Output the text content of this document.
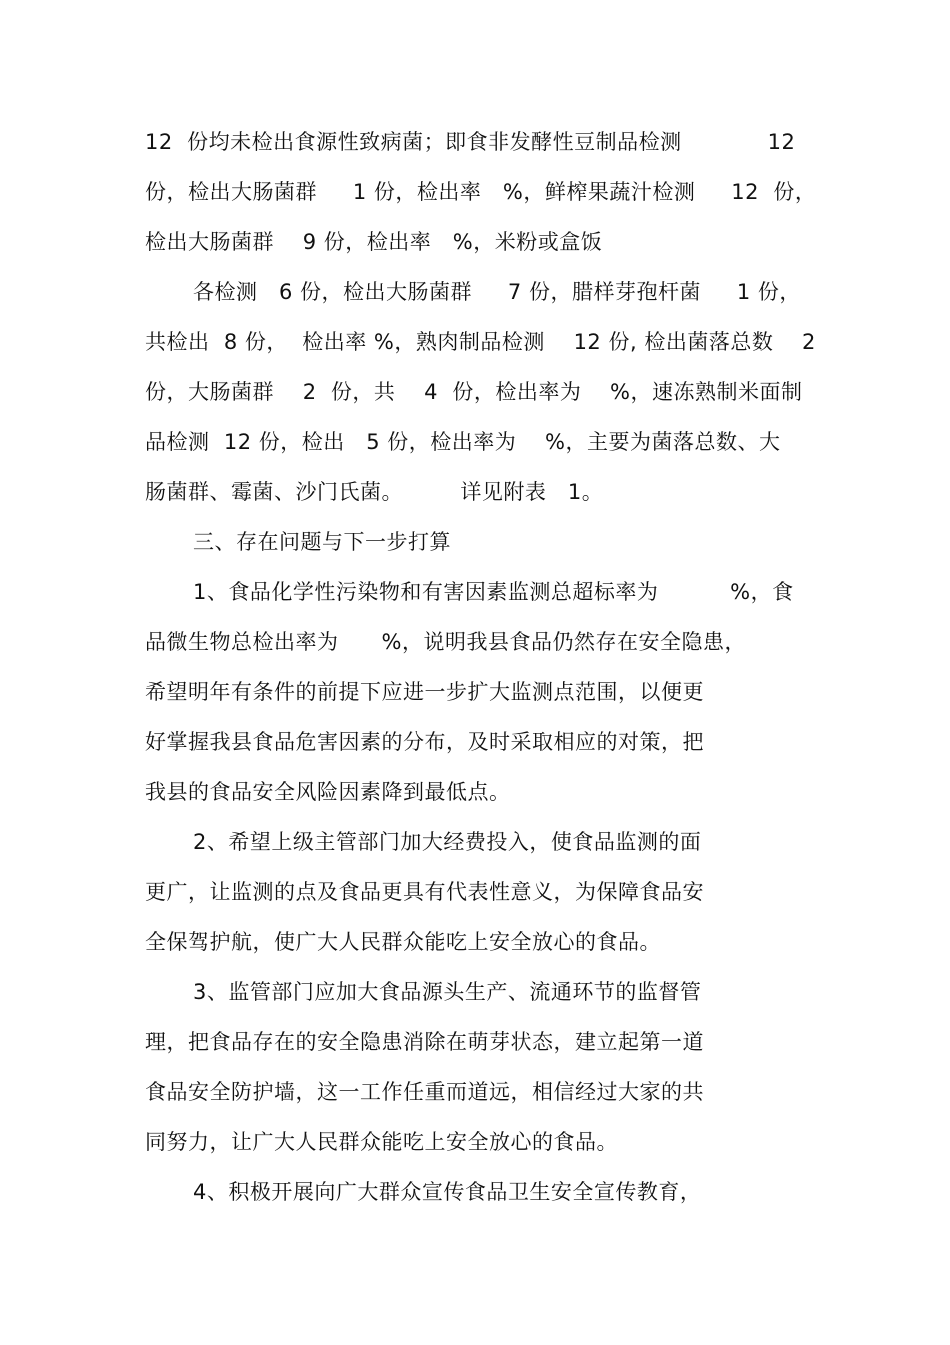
12  份均未检出食源性致病菌；即食非发酵性豆制品检测            12
份，检出大肠菌群     1 份，检出率   %，鲜榨果蔬汁检测     12  份，
检出大肠菌群    9 份，检出率   %，米粉或盒饭
各检测   6 份，检出大肠菌群     7 份，腊样芽孢杆菌     1 份，
共检出  8 份，  检出率 %，熟肉制品检测    12 份, 检出菌落总数    2
份，大肠菌群    2  份，共    4  份，检出率为    %，速冻熟制米面制
品检测  12 份，检出   5 份，检出率为    %，主要为菌落总数、大
肠菌群、霉菌、沙门氏菌。        详见附表   1。
三、存在问题与下一步打算
1、食品化学性污染物和有害因素监测总超标率为          %，食
品微生物总检出率为      %，说明我县食品仍然存在安全隐患，
希望明年有条件的前提下应进一步扩大监测点范围，以便更
好掌握我县食品危害因素的分布，及时采取相应的对策，把
我县的食品安全风险因素降到最低点。
2、希望上级主管部门加大经费投入，使食品监测的面
更广，让监测的点及食品更具有代表性意义，为保障食品安
全保驾护航，使广大人民群众能吃上安全放心的食品。
3、监管部门应加大食品源头生产、流通环节的监督管
理，把食品存在的安全隐患消除在萌芽状态，建立起第一道
食品安全防护墙，这一工作任重而道远，相信经过大家的共
同努力，让广大人民群众能吃上安全放心的食品。
4、积极开展向广大群众宣传食品卫生安全宣传教育，
